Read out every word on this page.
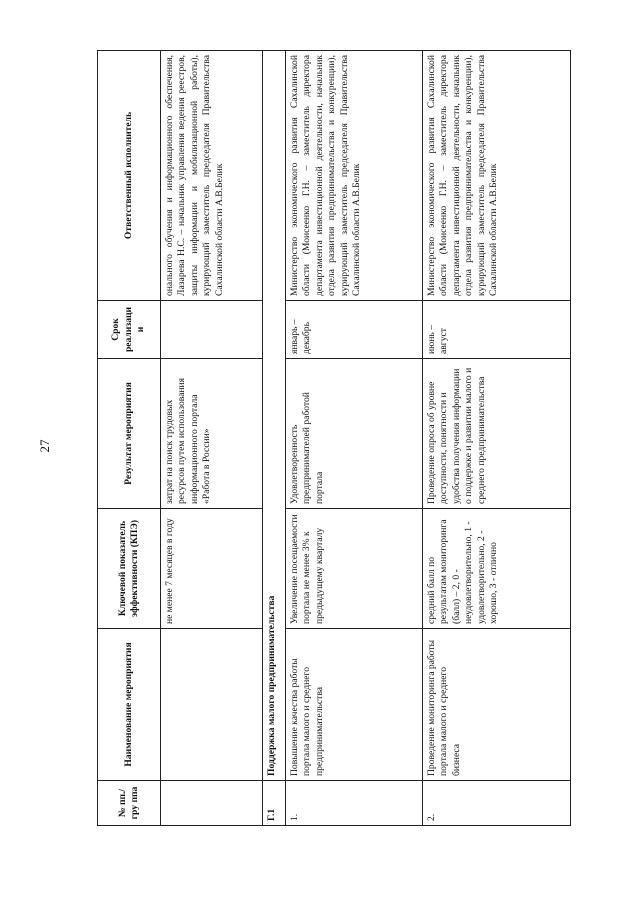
27
№ пп./ гру ппа	Наименование мероприятия	Ключевой показатель эффективности (КПЭ)	Результат мероприятия	Срок реализации	Ответственный исполнитель
		не менее 7 месяцев в году	затрат на поиск трудовых ресурсов путем использования информационного портала «Работа в России»		онального обучения и информационного обеспечения, Лазарева Н.С. – начальник управления ведения реестров, защиты информации и мобилизационной работы), курирующий заместитель председателя Правительства Сахалинской области А.В.Белик
Г.1	Поддержка малого предпринимательства				
1.	Повышение качества работы портала малого и среднего предпринимательства	Увеличение посещаемости портала не менее 3% к предыдущему кварталу	Удовлетворенность предпринимателей работой портала	январь – декабрь	Министерство экономического развития Сахалинской области (Моисеенко Г.Н. – заместитель директора департамента инвестиционной деятельности, начальник отдела развития предпринимательства и конкуренции), курирующий заместитель председателя Правительства Сахалинской области А.В.Белик
2.	Проведение мониторинга работы портала малого и среднего бизнеса	средний балл по результатам мониторинга (балл) – 2, 0 - неудовлетворительно, 1 - удовлетворительно, 2 - хорошо, 3 - отлично	Проведение опроса об уровне доступности, понятности и удобства получения информации о поддержке и развитии малого и среднего предпринимательства	июнь – август	Министерство экономического развития Сахалинской области (Моисеенко Г.Н. – заместитель директора департамента инвестиционной деятельности, начальник отдела развития предпринимательства и конкуренции), курирующий заместитель председателя Правительства Сахалинской области А.В.Белик
